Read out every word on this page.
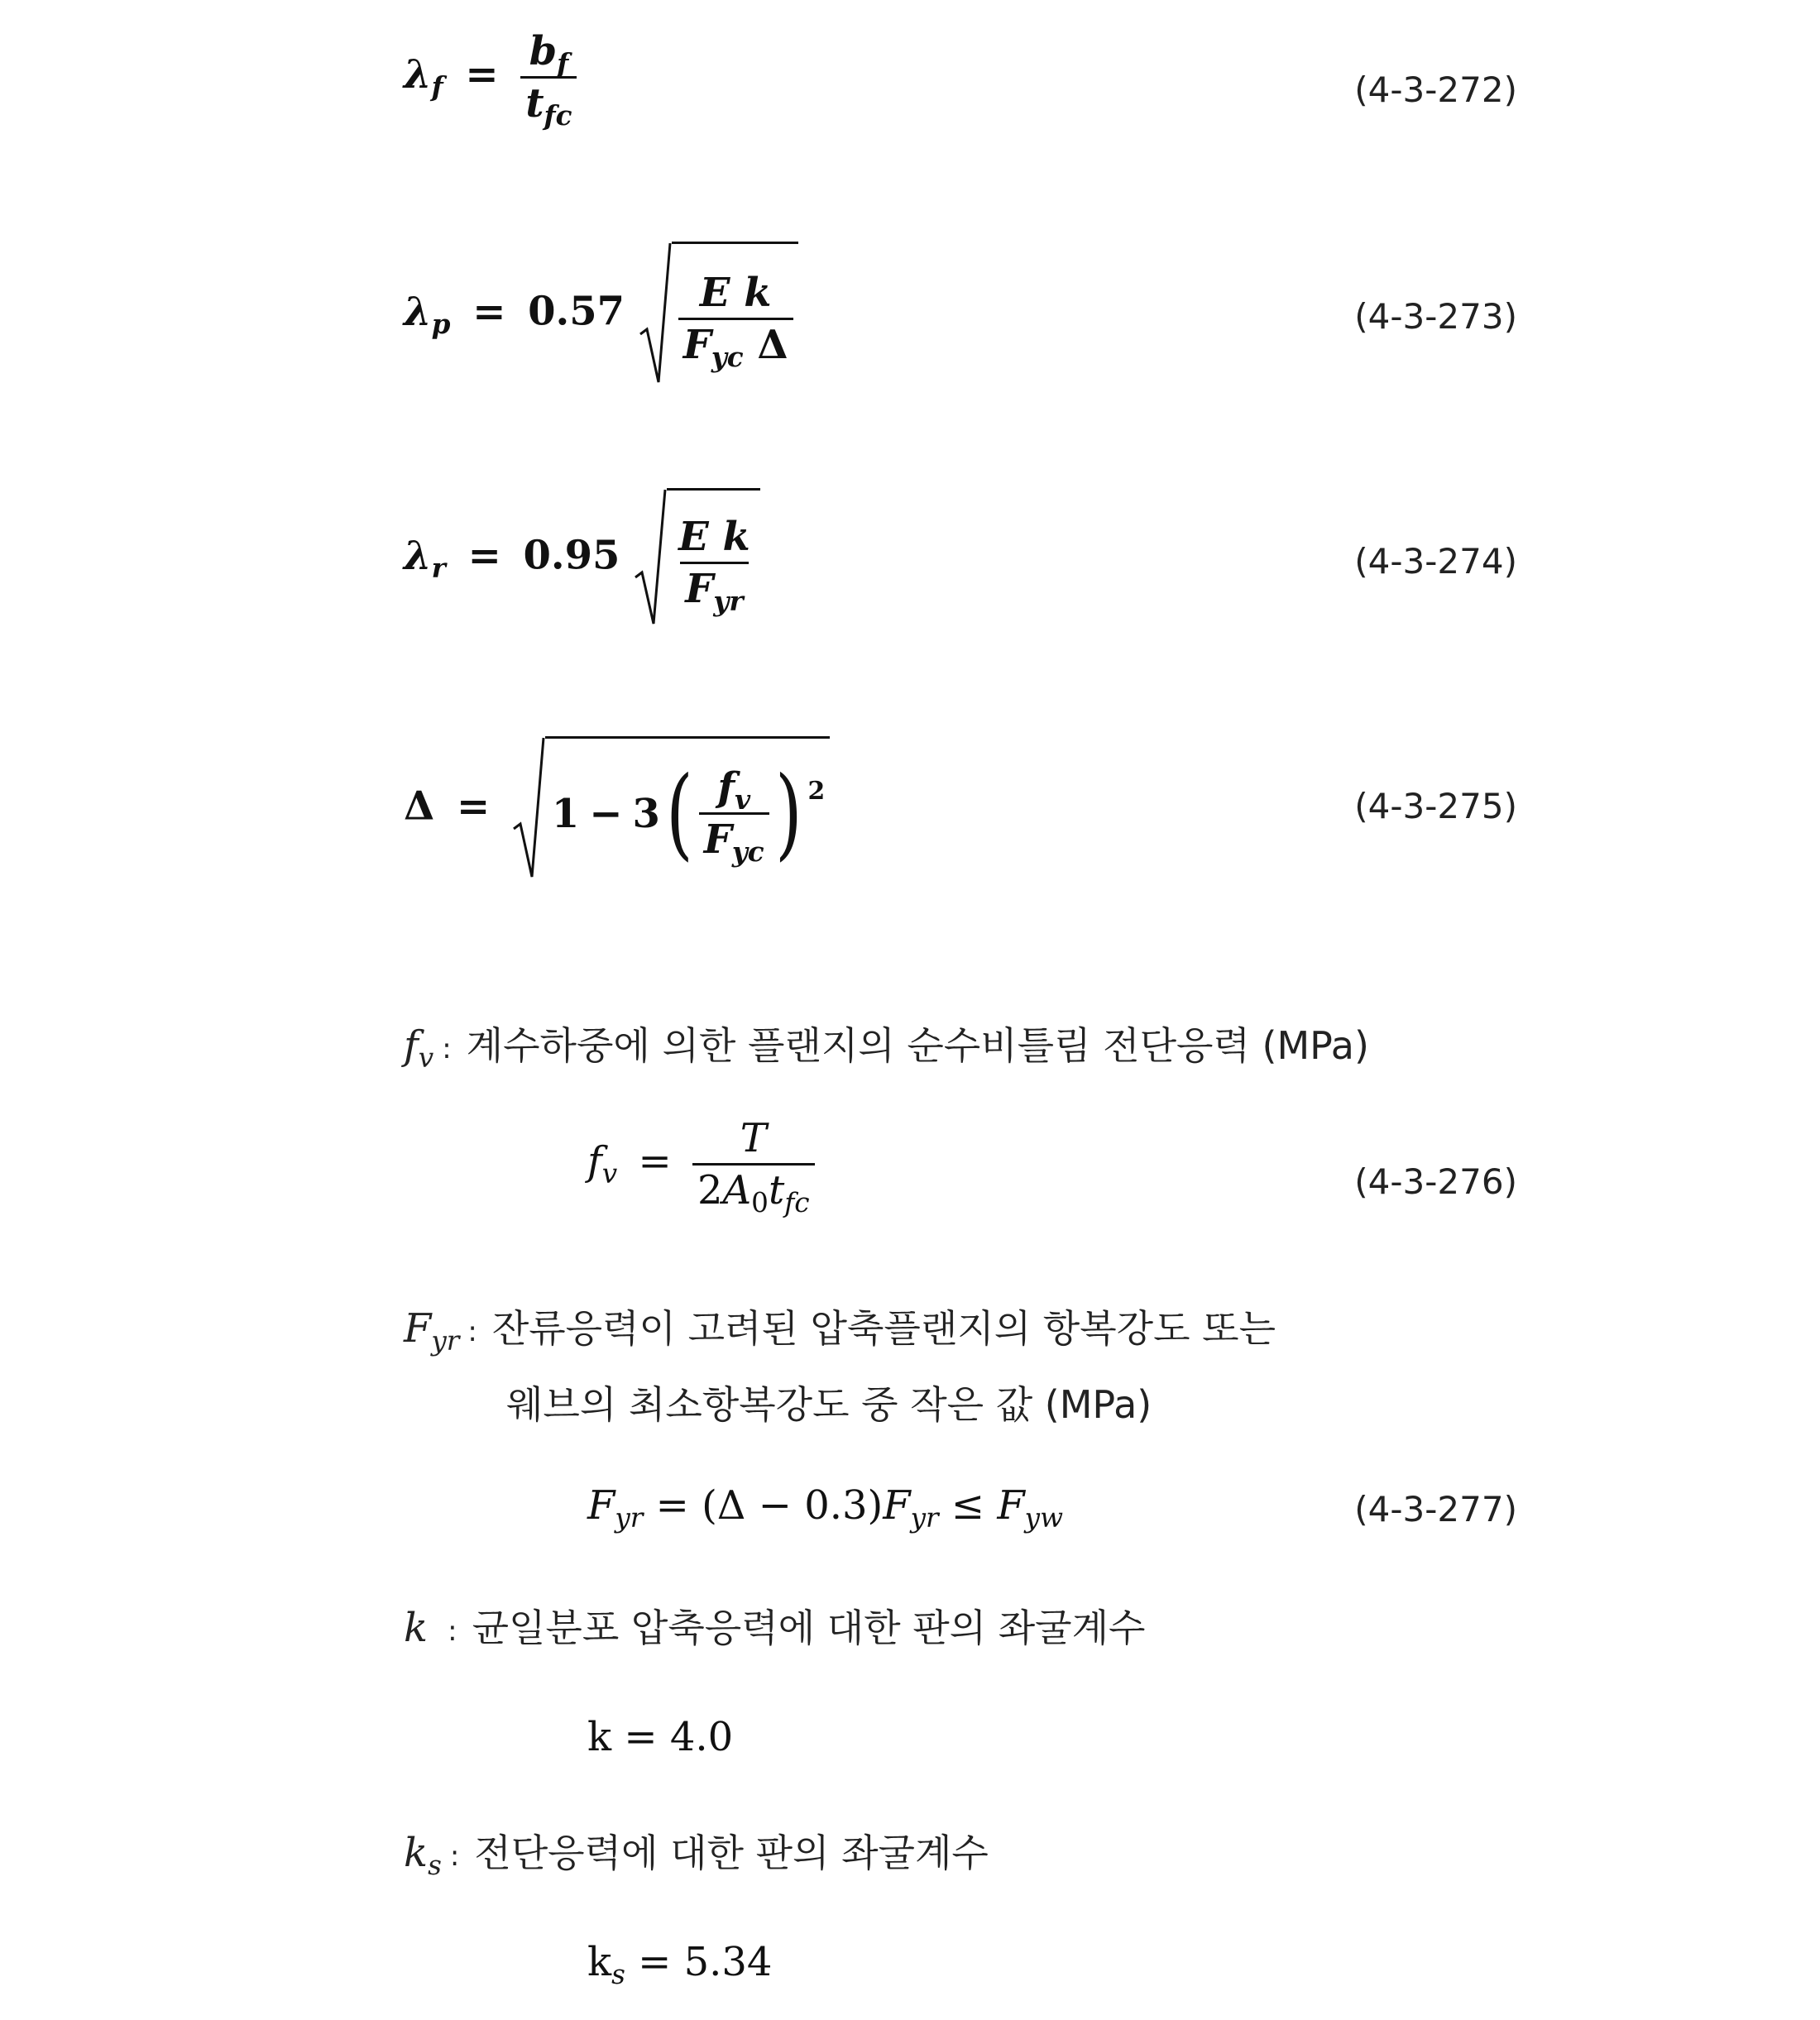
$\lambda_f = \frac{b_f}{t_{fc}}$	(4-3-272)
$\lambda_p = 0.57 \frac{\text{E k}}{F_{yc} \Delta}$	(4-3-273)
$\lambda_r = 0.95 \frac{\text{E k}}{F_{yr}}$	(4-3-274)
Δ = 1 − 3 ( $\frac{f_v}{F_{yc}}$ ) 2	(4-3-275)
$f_v$ : 계수하중에 의한 플랜지의 순수비틀림 전단응력 (MPa)
$f_v = \frac{T}{2A_0t_{fc}}$	(4-3-276)
$F_{yr}$ : 잔류응력이 고려된 압축플랜지의 항복강도 또는
웨브의 최소항복강도 중 작은 값 (MPa)
$F_{yr} = (\Delta - 0.3)F_{yr} \le F_{yw}$	(4-3-277)
k : 균일분포 압축응력에 대한 판의 좌굴계수
k = 4.0
$k_s$ : 전단응력에 대한 판의 좌굴계수
$k_s = 5.34$
